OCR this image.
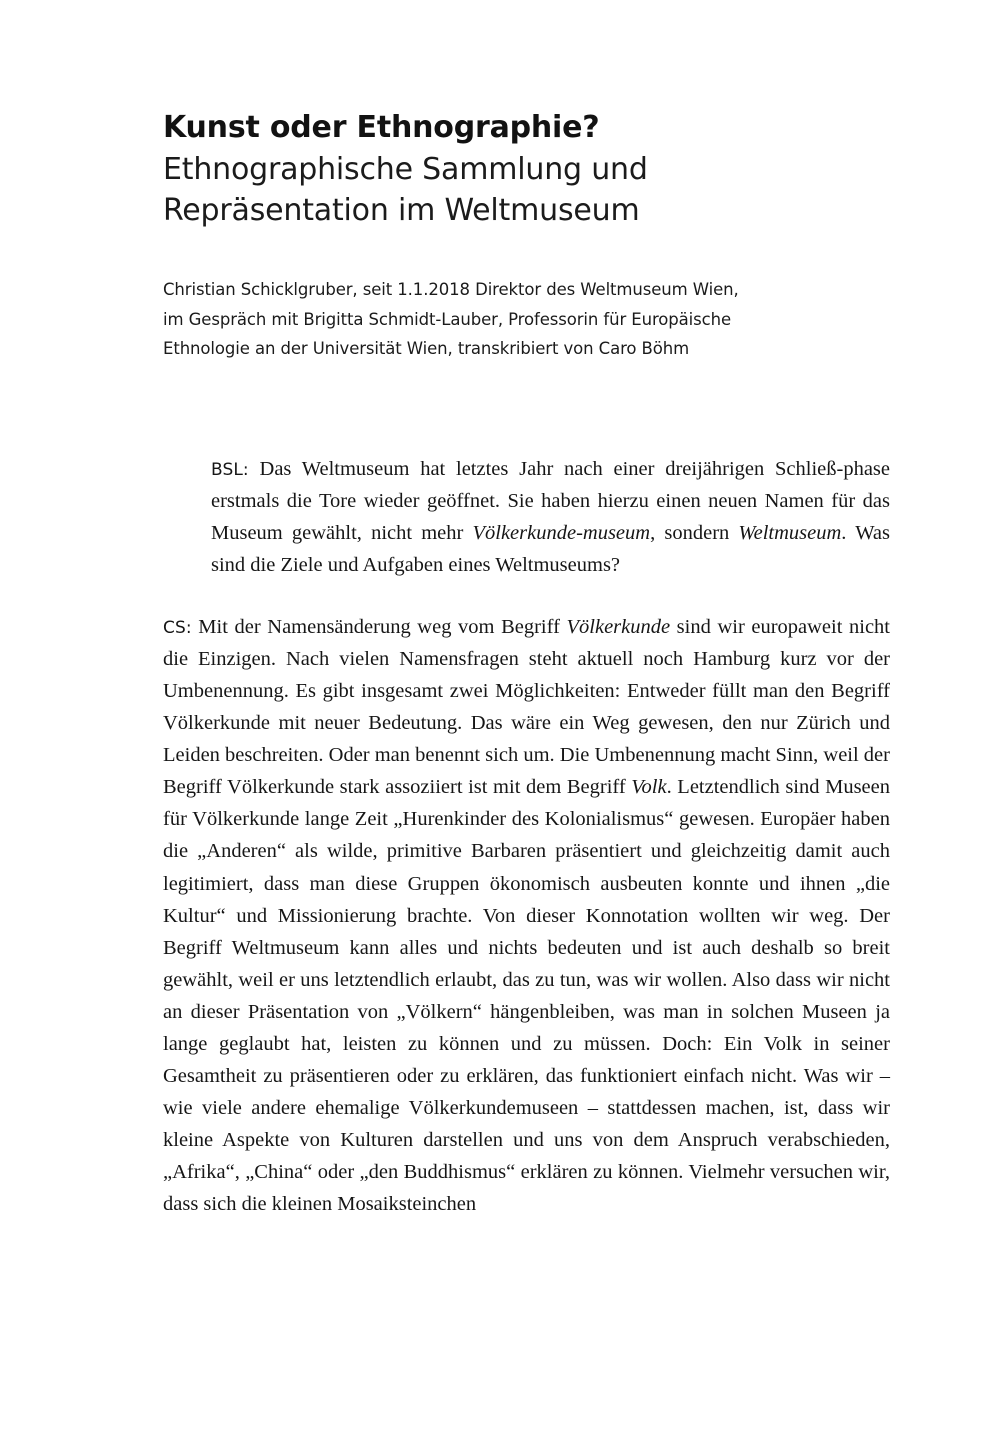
Kunst oder Ethnographie?
Ethnographische Sammlung und
Repräsentation im Weltmuseum
Christian Schicklgruber, seit 1.1.2018 Direktor des Weltmuseum Wien,
im Gespräch mit Brigitta Schmidt-Lauber, Professorin für Europäische
Ethnologie an der Universität Wien, transkribiert von Caro Böhm

BSL: Das Weltmuseum hat letztes Jahr nach einer dreijährigen Schließ-phase erstmals die Tore wieder geöffnet. Sie haben hierzu einen neuen Namen für das Museum gewählt, nicht mehr Völkerkunde-museum, sondern Weltmuseum. Was sind die Ziele und Aufgaben eines Weltmuseums?

CS: Mit der Namensänderung weg vom Begriff Völkerkunde sind wir europaweit nicht die Einzigen. Nach vielen Namensfragen steht aktuell noch Hamburg kurz vor der Umbenennung. Es gibt insgesamt zwei Möglichkeiten: Entweder füllt man den Begriff Völkerkunde mit neuer Bedeutung. Das wäre ein Weg gewesen, den nur Zürich und Leiden beschreiten. Oder man benennt sich um. Die Umbenennung macht Sinn, weil der Begriff Völkerkunde stark assoziiert ist mit dem Begriff Volk. Letztendlich sind Museen für Völkerkunde lange Zeit „Hurenkinder des Kolonialismus“ gewesen. Europäer haben die „Anderen“ als wilde, primitive Barbaren präsentiert und gleichzeitig damit auch legitimiert, dass man diese Gruppen ökonomisch ausbeuten konnte und ihnen „die Kultur“ und Missionierung brachte. Von dieser Konnotation wollten wir weg. Der Begriff Weltmuseum kann alles und nichts bedeuten und ist auch deshalb so breit gewählt, weil er uns letztendlich erlaubt, das zu tun, was wir wollen. Also dass wir nicht an dieser Präsentation von „Völkern“ hängenbleiben, was man in solchen Museen ja lange geglaubt hat, leisten zu können und zu müssen. Doch: Ein Volk in seiner Gesamtheit zu präsentieren oder zu erklären, das funktioniert einfach nicht. Was wir – wie viele andere ehemalige Völkerkundemuseen – stattdessen machen, ist, dass wir kleine Aspekte von Kulturen darstellen und uns von dem Anspruch verabschieden, „Afrika“, „China“ oder „den Buddhismus“ erklären zu können. Vielmehr versuchen wir, dass sich die kleinen Mosaiksteinchen
